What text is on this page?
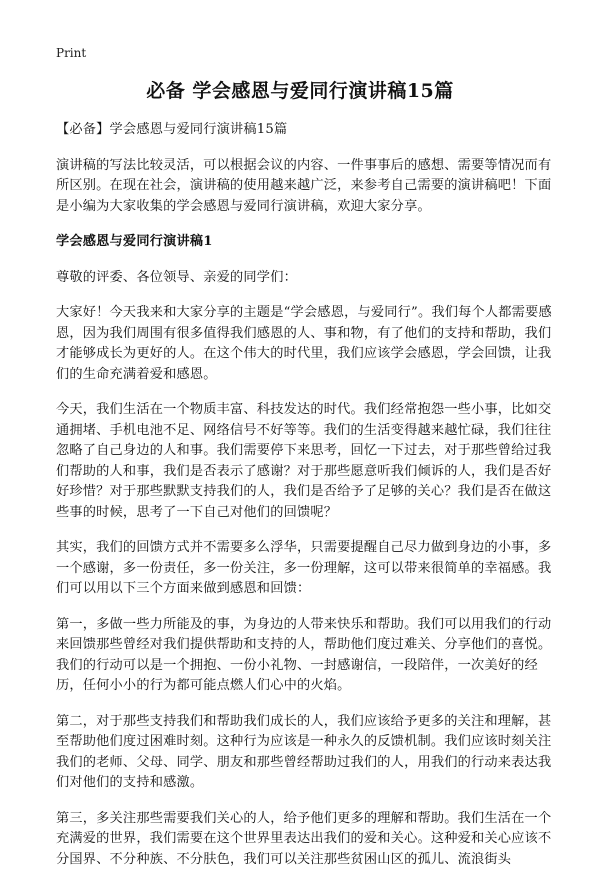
Print
必备 学会感恩与爱同行演讲稿15篇

【必备】学会感恩与爱同行演讲稿15篇

演讲稿的写法比较灵活，可以根据会议的内容、一件事事后的感想、需要等情况而有所区别。在现在社会，演讲稿的使用越来越广泛，来参考自己需要的演讲稿吧！下面是小编为大家收集的学会感恩与爱同行演讲稿，欢迎大家分享。

学会感恩与爱同行演讲稿1

尊敬的评委、各位领导、亲爱的同学们：

大家好！今天我来和大家分享的主题是“学会感恩，与爱同行”。我们每个人都需要感恩，因为我们周围有很多值得我们感恩的人、事和物，有了他们的支持和帮助，我们才能够成长为更好的人。在这个伟大的时代里，我们应该学会感恩，学会回馈，让我们的生命充满着爱和感恩。

今天，我们生活在一个物质丰富、科技发达的时代。我们经常抱怨一些小事，比如交通拥堵、手机电池不足、网络信号不好等等。我们的生活变得越来越忙碌，我们往往忽略了自己身边的人和事。我们需要停下来思考，回忆一下过去，对于那些曾给过我们帮助的人和事，我们是否表示了感谢？对于那些愿意听我们倾诉的人，我们是否好好珍惜？对于那些默默支持我们的人，我们是否给予了足够的关心？我们是否在做这些事的时候，思考了一下自己对他们的回馈呢？

其实，我们的回馈方式并不需要多么浮华，只需要提醒自己尽力做到身边的小事，多一个感谢，多一份责任，多一份关注，多一份理解，这可以带来很简单的幸福感。我们可以用以下三个方面来做到感恩和回馈：

第一，多做一些力所能及的事，为身边的人带来快乐和帮助。我们可以用我们的行动来回馈那些曾经对我们提供帮助和支持的人，帮助他们度过难关、分享他们的喜悦。我们的行动可以是一个拥抱、一份小礼物、一封感谢信，一段陪伴，一次美好的经历，任何小小的行为都可能点燃人们心中的火焰。

第二，对于那些支持我们和帮助我们成长的人，我们应该给予更多的关注和理解，甚至帮助他们度过困难时刻。这种行为应该是一种永久的反馈机制。我们应该时刻关注我们的老师、父母、同学、朋友和那些曾经帮助过我们的人，用我们的行动来表达我们对他们的支持和感激。

第三，多关注那些需要我们关心的人，给予他们更多的理解和帮助。我们生活在一个充满爱的世界，我们需要在这个世界里表达出我们的爱和关心。这种爱和关心应该不分国界、不分种族、不分肤色，我们可以关注那些贫困山区的孤儿、流浪街头
